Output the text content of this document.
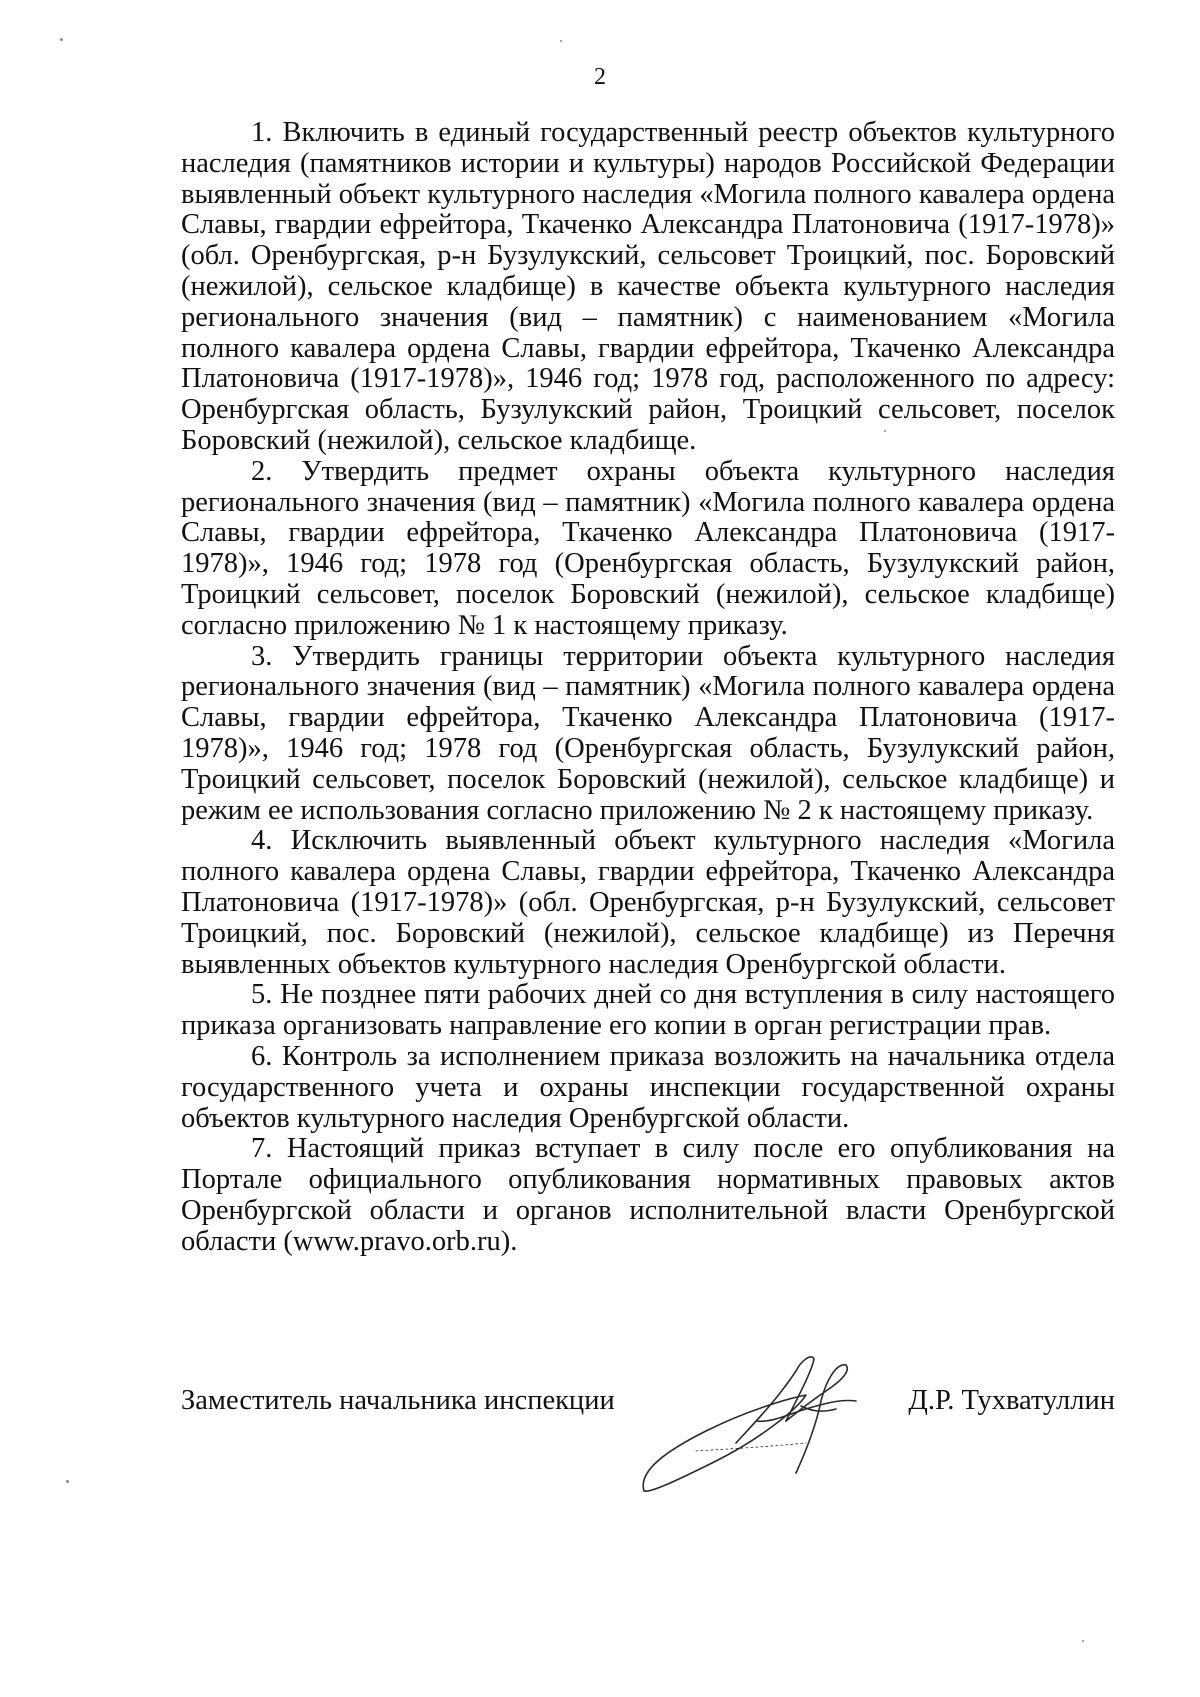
2

1. Включить в единый государственный реестр объектов культурного наследия (памятников истории и культуры) народов Российской Федерации выявленный объект культурного наследия «Могила полного кавалера ордена Славы, гвардии ефрейтора, Ткаченко Александра Платоновича (1917-1978)» (обл. Оренбургская, р-н Бузулукский, сельсовет Троицкий, пос. Боровский (нежилой), сельское кладбище) в качестве объекта культурного наследия регионального значения (вид – памятник) с наименованием «Могила полного кавалера ордена Славы, гвардии ефрейтора, Ткаченко Александра Платоновича (1917-1978)», 1946 год; 1978 год, расположенного по адресу: Оренбургская область, Бузулукский район, Троицкий сельсовет, поселок Боровский (нежилой), сельское кладбище.

2. Утвердить предмет охраны объекта культурного наследия регионального значения (вид – памятник) «Могила полного кавалера ордена Славы, гвардии ефрейтора, Ткаченко Александра Платоновича (1917-1978)», 1946 год; 1978 год (Оренбургская область, Бузулукский район, Троицкий сельсовет, поселок Боровский (нежилой), сельское кладбище) согласно приложению № 1 к настоящему приказу.

3. Утвердить границы территории объекта культурного наследия регионального значения (вид – памятник) «Могила полного кавалера ордена Славы, гвардии ефрейтора, Ткаченко Александра Платоновича (1917-1978)», 1946 год; 1978 год (Оренбургская область, Бузулукский район, Троицкий сельсовет, поселок Боровский (нежилой), сельское кладбище) и режим ее использования согласно приложению № 2 к настоящему приказу.

4. Исключить выявленный объект культурного наследия «Могила полного кавалера ордена Славы, гвардии ефрейтора, Ткаченко Александра Платоновича (1917-1978)» (обл. Оренбургская, р-н Бузулукский, сельсовет Троицкий, пос. Боровский (нежилой), сельское кладбище) из Перечня выявленных объектов культурного наследия Оренбургской области.

5. Не позднее пяти рабочих дней со дня вступления в силу настоящего приказа организовать направление его копии в орган регистрации прав.

6. Контроль за исполнением приказа возложить на начальника отдела государственного учета и охраны инспекции государственной охраны объектов культурного наследия Оренбургской области.

7. Настоящий приказ вступает в силу после его опубликования на Портале официального опубликования нормативных правовых актов Оренбургской области и органов исполнительной власти Оренбургской области (www.pravo.orb.ru).

Заместитель начальника инспекции	Д.Р. Тухватуллин
